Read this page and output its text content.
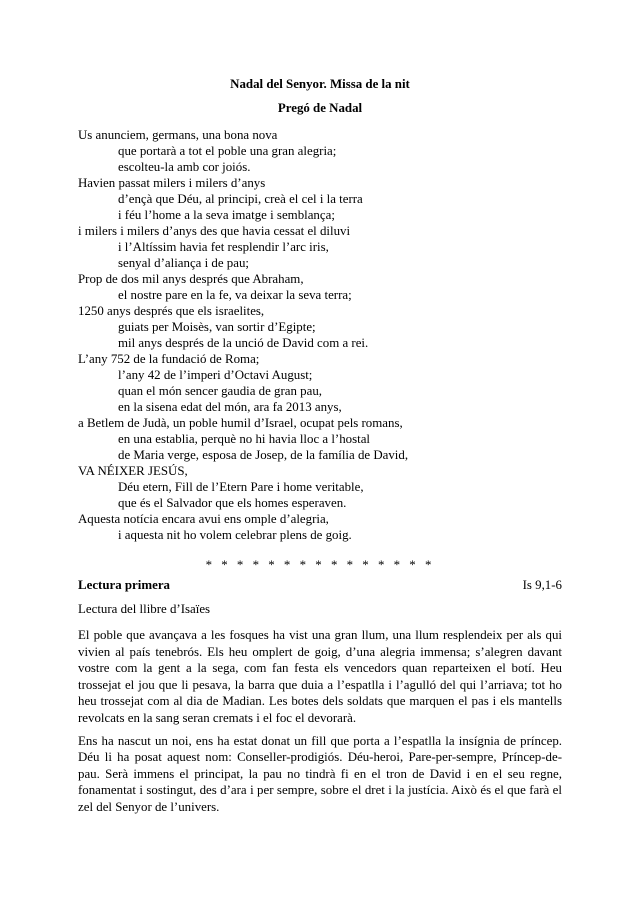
Nadal del Senyor. Missa de la nit
Pregó de Nadal
Us anunciem, germans, una bona nova
que portarà a tot el poble una gran alegria;
escolteu-la amb cor joiós.
Havien passat milers i milers d’anys
d’ençà que Déu, al principi, creà el cel i la terra
i féu l’home a la seva imatge i semblança;
i milers i milers d’anys des que havia cessat el diluvi
i l’Altíssim havia fet resplendir l’arc iris,
senyal d’aliança i de pau;
Prop de dos mil anys després que Abraham,
el nostre pare en la fe, va deixar la seva terra;
1250 anys després que els israelites,
guiats per Moisès, van sortir d’Egipte;
mil anys després de la unció de David com a rei.
L’any 752 de la fundació de Roma;
l’any 42 de l’imperi d’Octavi August;
quan el món sencer gaudia de gran pau,
en la sisena edat del món, ara fa 2013 anys,
a Betlem de Judà, un poble humil d’Israel, ocupat pels romans,
en una establia, perquè no hi havia lloc a l’hostal
de Maria verge, esposa de Josep, de la família de David,
VA NÉIXER JESÚS,
Déu etern, Fill de l’Etern Pare i home veritable,
que és el Salvador que els homes esperaven.
Aquesta notícia encara avui ens omple d’alegria,
i aquesta nit ho volem celebrar plens de goig.
* * * * * * * * * * * * * * *
Lectura primera	Is 9,1-6
Lectura del llibre d’Isaïes
El poble que avançava a les fosques ha vist una gran llum, una llum resplendeix per als qui vivien al país tenebrós. Els heu omplert de goig, d’una alegria immensa; s’alegren davant vostre com la gent a la sega, com fan festa els vencedors quan reparteixen el botí. Heu trossejat el jou que li pesava, la barra que duia a l’espatlla i l’agulló del qui l’arriava; tot ho heu trossejat com al dia de Madian. Les botes dels soldats que marquen el pas i els mantells revolcats en la sang seran cremats i el foc el devorarà.
Ens ha nascut un noi, ens ha estat donat un fill que porta a l’espatlla la insígnia de príncep. Déu li ha posat aquest nom: Conseller-prodigiós. Déu-heroi, Pare-per-sempre, Príncep-de-pau. Serà immens el principat, la pau no tindrà fi en el tron de David i en el seu regne, fonamentat i sostingut, des d’ara i per sempre, sobre el dret i la justícia. Això és el que farà el zel del Senyor de l’univers.
